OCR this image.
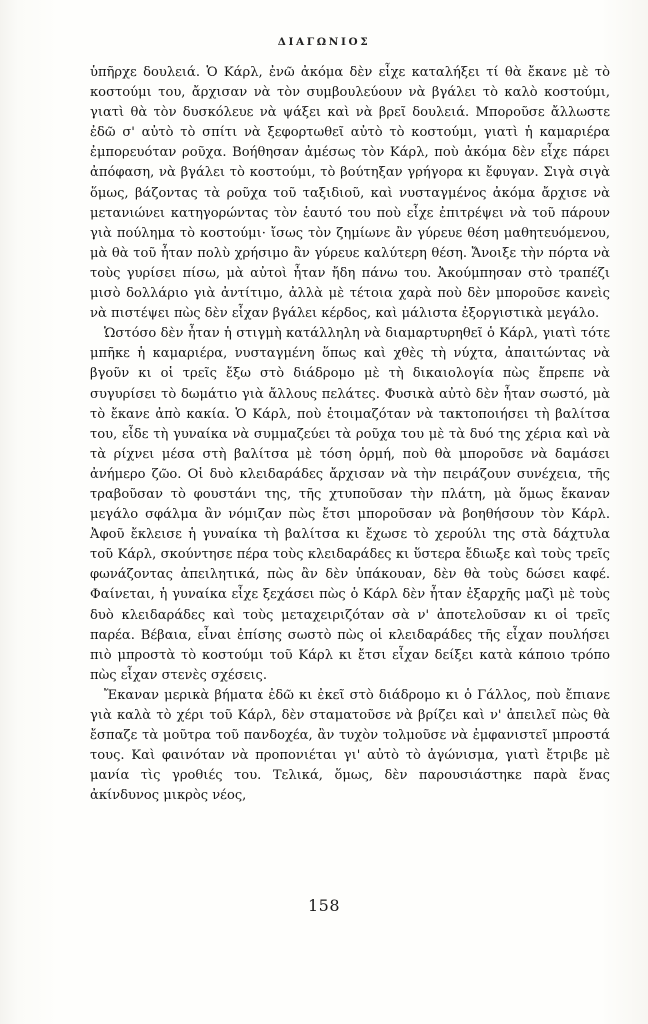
ΔΙΑΓΩΝΙΟΣ

ὑπῆρχε δουλειά. Ὁ Κάρλ, ἐνῶ ἀκόμα δὲν εἶχε καταλήξει τί θὰ ἔκανε μὲ τὸ κοστούμι του, ἄρχισαν νὰ τὸν συμβουλεύουν νὰ βγάλει τὸ καλὸ κοστούμι, γιατὶ θὰ τὸν δυσκόλευε νὰ ψάξει καὶ νὰ βρεῖ δουλειά. Μποροῦσε ἄλλωστε ἐδῶ σ' αὐτὸ τὸ σπίτι νὰ ξεφορτωθεῖ αὐτὸ τὸ κοστούμι, γιατὶ ἡ καμαριέρα ἐμπορευόταν ροῦχα. Βοήθησαν ἀμέσως τὸν Κάρλ, ποὺ ἀκόμα δὲν εἶχε πάρει ἀπόφαση, νὰ βγάλει τὸ κοστούμι, τὸ βούτηξαν γρήγορα κι ἔφυγαν. Σιγὰ σιγὰ ὅμως, βάζοντας τὰ ροῦχα τοῦ ταξιδιοῦ, καὶ νυσταγμένος ἀκόμα ἄρχισε νὰ μετανιώνει κατηγορώντας τὸν ἑαυτό του ποὺ εἶχε ἐπιτρέψει νὰ τοῦ πάρουν γιὰ πούλημα τὸ κοστούμι· ἴσως τὸν ζημίωνε ἂν γύρευε θέση μαθητευόμενου, μὰ θὰ τοῦ ἦταν πολὺ χρήσιμο ἂν γύρευε καλύτερη θέση. Ἄνοιξε τὴν πόρτα νὰ τοὺς γυρίσει πίσω, μὰ αὐτοὶ ἦταν ἤδη πάνω του. Ἀκούμπησαν στὸ τραπέζι μισὸ δολλάριο γιὰ ἀντίτιμο, ἀλλὰ μὲ τέτοια χαρὰ ποὺ δὲν μποροῦσε κανεὶς νὰ πιστέψει πὼς δὲν εἶχαν βγάλει κέρδος, καὶ μάλιστα ἐξοργιστικὰ μεγάλο.

Ὡστόσο δὲν ἦταν ἡ στιγμὴ κατάλληλη νὰ διαμαρτυρηθεῖ ὁ Κάρλ, γιατὶ τότε μπῆκε ἡ καμαριέρα, νυσταγμένη ὅπως καὶ χθὲς τὴ νύχτα, ἀπαιτώντας νὰ βγοῦν κι οἱ τρεῖς ἔξω στὸ διάδρομο μὲ τὴ δικαιολογία πὼς ἔπρεπε νὰ συγυρίσει τὸ δωμάτιο γιὰ ἄλλους πελάτες. Φυσικὰ αὐτὸ δὲν ἦταν σωστό, μὰ τὸ ἔκανε ἀπὸ κακία. Ὁ Κάρλ, ποὺ ἑτοιμαζόταν νὰ τακτοποιήσει τὴ βαλίτσα του, εἶδε τὴ γυναίκα νὰ συμμαζεύει τὰ ροῦχα του μὲ τὰ δυό της χέρια καὶ νὰ τὰ ρίχνει μέσα στὴ βαλίτσα μὲ τόση ὁρμή, ποὺ θὰ μποροῦσε νὰ δαμάσει ἀνήμερο ζῶο. Οἱ δυὸ κλειδαράδες ἄρχισαν νὰ τὴν πειράζουν συνέχεια, τῆς τραβοῦσαν τὸ φουστάνι της, τῆς χτυποῦσαν τὴν πλάτη, μὰ ὅμως ἔκαναν μεγάλο σφάλμα ἂν νόμιζαν πὼς ἔτσι μποροῦσαν νὰ βοηθήσουν τὸν Κάρλ. Ἀφοῦ ἔκλεισε ἡ γυναίκα τὴ βαλίτσα κι ἔχωσε τὸ χερούλι της στὰ δάχτυλα τοῦ Κάρλ, σκούντησε πέρα τοὺς κλειδαράδες κι ὕστερα ἔδιωξε καὶ τοὺς τρεῖς φωνάζοντας ἀπειλητικά, πὼς ἂν δὲν ὑπάκουαν, δὲν θὰ τοὺς δώσει καφέ. Φαίνεται, ἡ γυναίκα εἶχε ξεχάσει πὼς ὁ Κάρλ δὲν ἦταν ἐξαρχῆς μαζὶ μὲ τοὺς δυὸ κλειδαράδες καὶ τοὺς μεταχειριζόταν σὰ ν' ἀποτελοῦσαν κι οἱ τρεῖς παρέα. Βέβαια, εἶναι ἐπίσης σωστὸ πὼς οἱ κλειδαράδες τῆς εἶχαν πουλήσει πιὸ μπροστὰ τὸ κοστούμι τοῦ Κάρλ κι ἔτσι εἶχαν δείξει κατὰ κάποιο τρόπο πὼς εἶχαν στενὲς σχέσεις.

Ἔκαναν μερικὰ βήματα ἐδῶ κι ἐκεῖ στὸ διάδρομο κι ὁ Γάλλος, ποὺ ἔπιανε γιὰ καλὰ τὸ χέρι τοῦ Κάρλ, δὲν σταματοῦσε νὰ βρίζει καὶ ν' ἀπειλεῖ πὼς θὰ ἔσπαζε τὰ μοῦτρα τοῦ πανδοχέα, ἂν τυχὸν τολμοῦσε νὰ ἐμφανιστεῖ μπροστά τους. Καὶ φαινόταν νὰ προπονιέται γι' αὐτὸ τὸ ἀγώνισμα, γιατὶ ἔτριβε μὲ μανία τὶς γροθιές του. Τελικά, ὅμως, δὲν παρουσιάστηκε παρὰ ἕνας ἀκίνδυνος μικρὸς νέος,

158
